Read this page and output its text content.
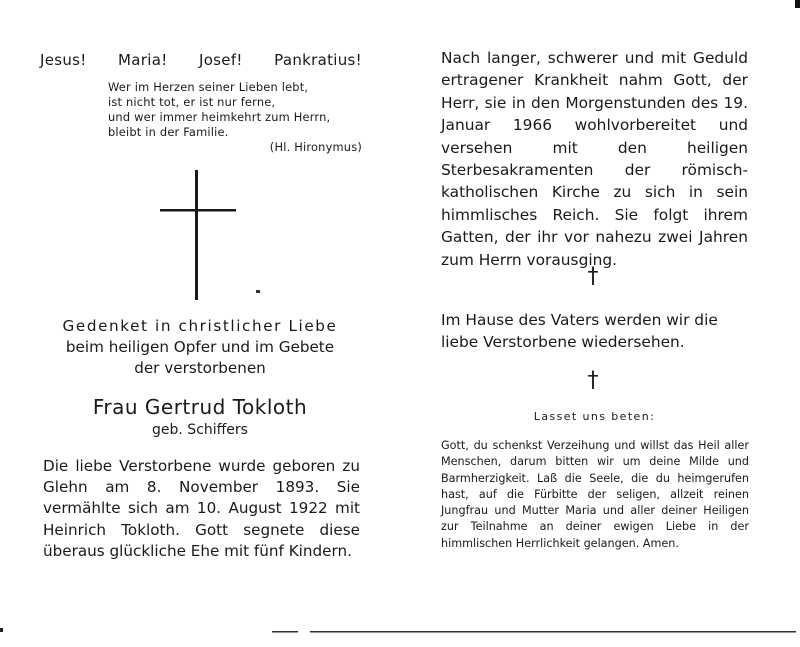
Jesus! Maria! Josef! Pankratius!
Wer im Herzen seiner Lieben lebt,
ist nicht tot, er ist nur ferne,
und wer immer heimkehrt zum Herrn,
bleibt in der Familie.
(Hl. Hironymus)
Gedenket in christlicher Liebe
beim heiligen Opfer und im Gebete
der verstorbenen
Frau Gertrud Tokloth
geb. Schiffers
Die liebe Verstorbene wurde geboren zu Glehn am 8. November 1893. Sie vermählte sich am 10. August 1922 mit Heinrich Tokloth. Gott segnete diese überaus glückliche Ehe mit fünf Kindern.
Nach langer, schwerer und mit Geduld ertragener Krankheit nahm Gott, der Herr, sie in den Morgenstunden des 19. Januar 1966 wohlvorbereitet und versehen mit den heiligen Sterbesakramenten der römisch-katholischen Kirche zu sich in sein himmlisches Reich. Sie folgt ihrem Gatten, der ihr vor nahezu zwei Jahren zum Herrn vorausging.
†
Im Hause des Vaters werden wir die liebe Verstorbene wiedersehen.
†
Lasset uns beten:
Gott, du schenkst Verzeihung und willst das Heil aller Menschen, darum bitten wir um deine Milde und Barmherzigkeit. Laß die Seele, die du heimgerufen hast, auf die Fürbitte der seligen, allzeit reinen Jungfrau und Mutter Maria und aller deiner Heiligen zur Teilnahme an deiner ewigen Liebe in der himmlischen Herrlichkeit gelangen. Amen.
